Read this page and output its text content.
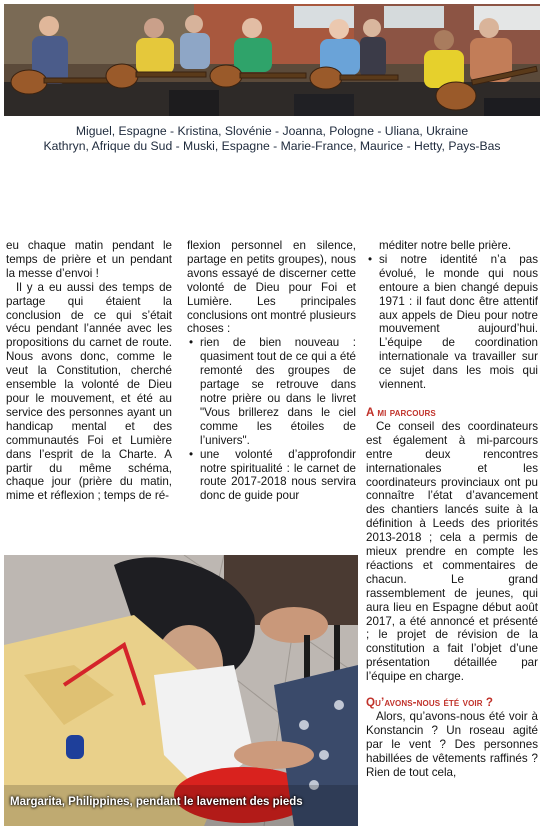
Miguel, Espagne - Kristina, Slovénie - Joanna, Pologne - Uliana, Ukraine
Kathryn, Afrique du Sud - Muski, Espagne - Marie-France, Maurice - Hetty, Pays-Bas

eu chaque matin pendant le temps de prière et un pendant la messe d’envoi !

Il y a eu aussi des temps de partage qui étaient la conclusion de ce qui s’était vécu pendant l’année avec les propositions du carnet de route. Nous avons donc, comme le veut la Constitution, cherché ensemble la volonté de Dieu pour le mouvement, et été au service des personnes ayant un handicap mental et des communautés Foi et Lumière dans l’esprit de la Charte. A partir du même schéma, chaque jour (prière du matin, mime et réflexion ; temps de ré-

flexion personnel en silence, partage en petits groupes), nous avons essayé de discerner cette volonté de Dieu pour Foi et Lumière. Les principales conclusions ont montré plusieurs choses :

• rien de bien nouveau : quasiment tout de ce qui a été remonté des groupes de partage se retrouve dans notre prière ou dans le livret "Vous brillerez dans le ciel comme les étoiles de l’univers".
• une volonté d’approfondir notre spiritualité : le carnet de route 2017-2018 nous servira donc de guide pour
méditer notre belle prière.
• si notre identité n’a pas évolué, le monde qui nous entoure a bien changé depuis 1971 : il faut donc être attentif aux appels de Dieu pour notre mouvement aujourd’hui. L’équipe de coordination internationale va travailler sur ce sujet dans les mois qui viennent.
A mi parcours

Ce conseil des coordinateurs est également à mi-parcours entre deux rencontres internationales et les coordinateurs provinciaux ont pu connaître l’état d’avancement des chantiers lancés suite à la définition à Leeds des priorités 2013-2018 ; cela a permis de mieux prendre en compte les réactions et commentaires de chacun. Le grand rassemblement de jeunes, qui aura lieu en Espagne début août 2017, a été annoncé et présenté ; le projet de révision de la constitution a fait l’objet d’une présentation détaillée par l’équipe en charge.

Qu’avons-nous été voir ?

Alors, qu’avons-nous été voir à Konstancin ? Un roseau agité par le vent ? Des personnes habillées de vêtements raffinés ? Rien de tout cela,

Margarita, Philippines, pendant le lavement des pieds
